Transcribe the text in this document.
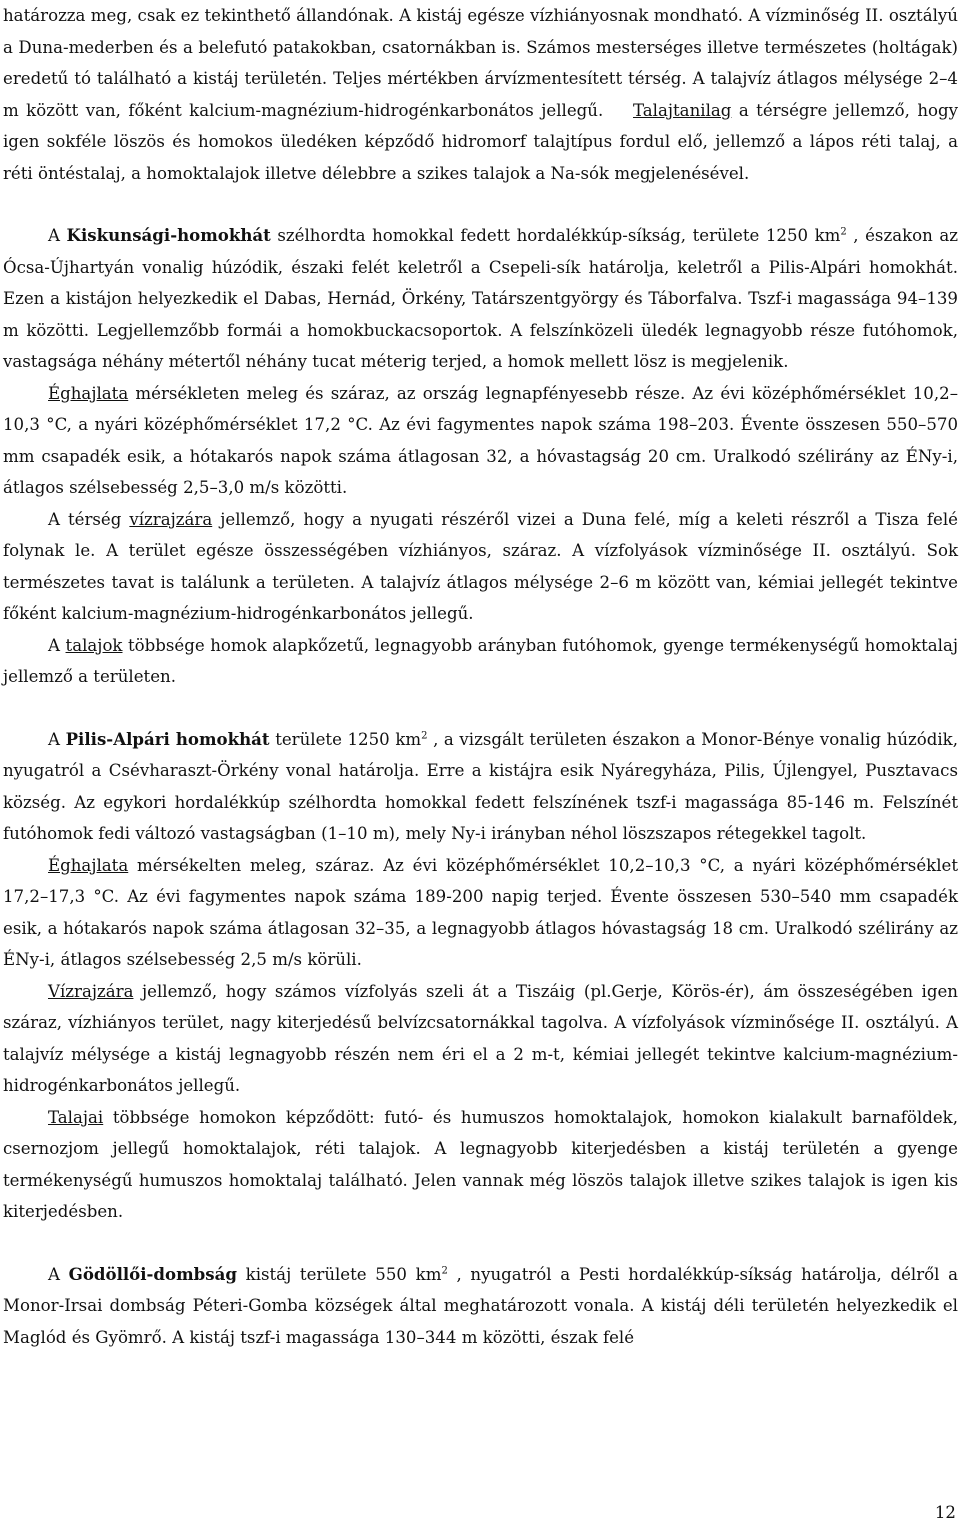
határozza meg, csak ez tekinthető állandónak. A kistáj egésze vízhiányosnak mondható. A vízminőség II. osztályú a Duna-mederben és a belefutó patakokban, csatornákban is. Számos mesterséges illetve természetes (holtágak) eredetű tó található a kistáj területén. Teljes mértékben árvízmentesített térség. A talajvíz átlagos mélysége 2–4 m között van, főként kalcium-magnézium-hidrogénkarbonátos jellegű. Talajtanilag a térségre jellemző, hogy igen sokféle löszös és homokos üledéken képződő hidromorf talajtípus fordul elő, jellemző a lápos réti talaj, a réti öntéstalaj, a homoktalajok illetve délebbre a szikes talajok a Na-sók megjelenésével.

A Kiskunsági-homokhát szélhordta homokkal fedett hordalékkúp-síkság, területe 1250 $km^2$ , északon az Ócsa-Újhartyán vonalig húzódik, északi felét keletről a Csepeli-sík határolja, keletről a Pilis-Alpári homokhát. Ezen a kistájon helyezkedik el Dabas, Hernád, Örkény, Tatárszentgyörgy és Táborfalva. Tszf-i magassága 94–139 m közötti. Legjellemzőbb formái a homokbuckacsoportok. A felszínközeli üledék legnagyobb része futóhomok, vastagsága néhány métertől néhány tucat méterig terjed, a homok mellett lösz is megjelenik.

Éghajlata mérsékleten meleg és száraz, az ország legnapfényesebb része. Az évi középhőmérséklet 10,2–10,3 °C, a nyári középhőmérséklet 17,2 °C. Az évi fagymentes napok száma 198–203. Évente összesen 550–570 mm csapadék esik, a hótakarós napok száma átlagosan 32, a hóvastagság 20 cm. Uralkodó szélirány az ÉNy-i, átlagos szélsebesség 2,5–3,0 m/s közötti.

A térség vízrajzára jellemző, hogy a nyugati részéről vizei a Duna felé, míg a keleti részről a Tisza felé folynak le. A terület egésze összességében vízhiányos, száraz. A vízfolyások vízminősége II. osztályú. Sok természetes tavat is találunk a területen. A talajvíz átlagos mélysége 2–6 m között van, kémiai jellegét tekintve főként kalcium-magnézium-hidrogénkarbonátos jellegű.

A talajok többsége homok alapkőzetű, legnagyobb arányban futóhomok, gyenge termékenységű homoktalaj jellemző a területen.

A Pilis-Alpári homokhát területe 1250 $km^2$ , a vizsgált területen északon a Monor-Bénye vonalig húzódik, nyugatról a Csévharaszt-Örkény vonal határolja. Erre a kistájra esik Nyáregyháza, Pilis, Újlengyel, Pusztavacs község. Az egykori hordalékkúp szélhordta homokkal fedett felszínének tszf-i magassága 85-146 m. Felszínét futóhomok fedi változó vastagságban (1–10 m), mely Ny-i irányban néhol löszszapos rétegekkel tagolt.

Éghajlata mérsékelten meleg, száraz. Az évi középhőmérséklet 10,2–10,3 °C, a nyári középhőmérséklet 17,2–17,3 °C. Az évi fagymentes napok száma 189-200 napig terjed. Évente összesen 530–540 mm csapadék esik, a hótakarós napok száma átlagosan 32–35, a legnagyobb átlagos hóvastagság 18 cm. Uralkodó szélirány az ÉNy-i, átlagos szélsebesség 2,5 m/s körüli.

Vízrajzára jellemző, hogy számos vízfolyás szeli át a Tiszáig (pl.Gerje, Körös-ér), ám összeségében igen száraz, vízhiányos terület, nagy kiterjedésű belvízcsatornákkal tagolva. A vízfolyások vízminősége II. osztályú. A talajvíz mélysége a kistáj legnagyobb részén nem éri el a 2 m-t, kémiai jellegét tekintve kalcium-magnézium-hidrogénkarbonátos jellegű.

Talajai többsége homokon képződött: futó- és humuszos homoktalajok, homokon kialakult barnaföldek, csernozjom jellegű homoktalajok, réti talajok. A legnagyobb kiterjedésben a kistáj területén a gyenge termékenységű humuszos homoktalaj található. Jelen vannak még löszös talajok illetve szikes talajok is igen kis kiterjedésben.

A Gödöllői-dombság kistáj területe 550 $km^2$ , nyugatról a Pesti hordalékkúp-síkság határolja, délről a Monor-Irsai dombság Péteri-Gomba községek által meghatározott vonala. A kistáj déli területén helyezkedik el Maglód és Gyömrő. A kistáj tszf-i magassága 130–344 m közötti, észak felé

12
